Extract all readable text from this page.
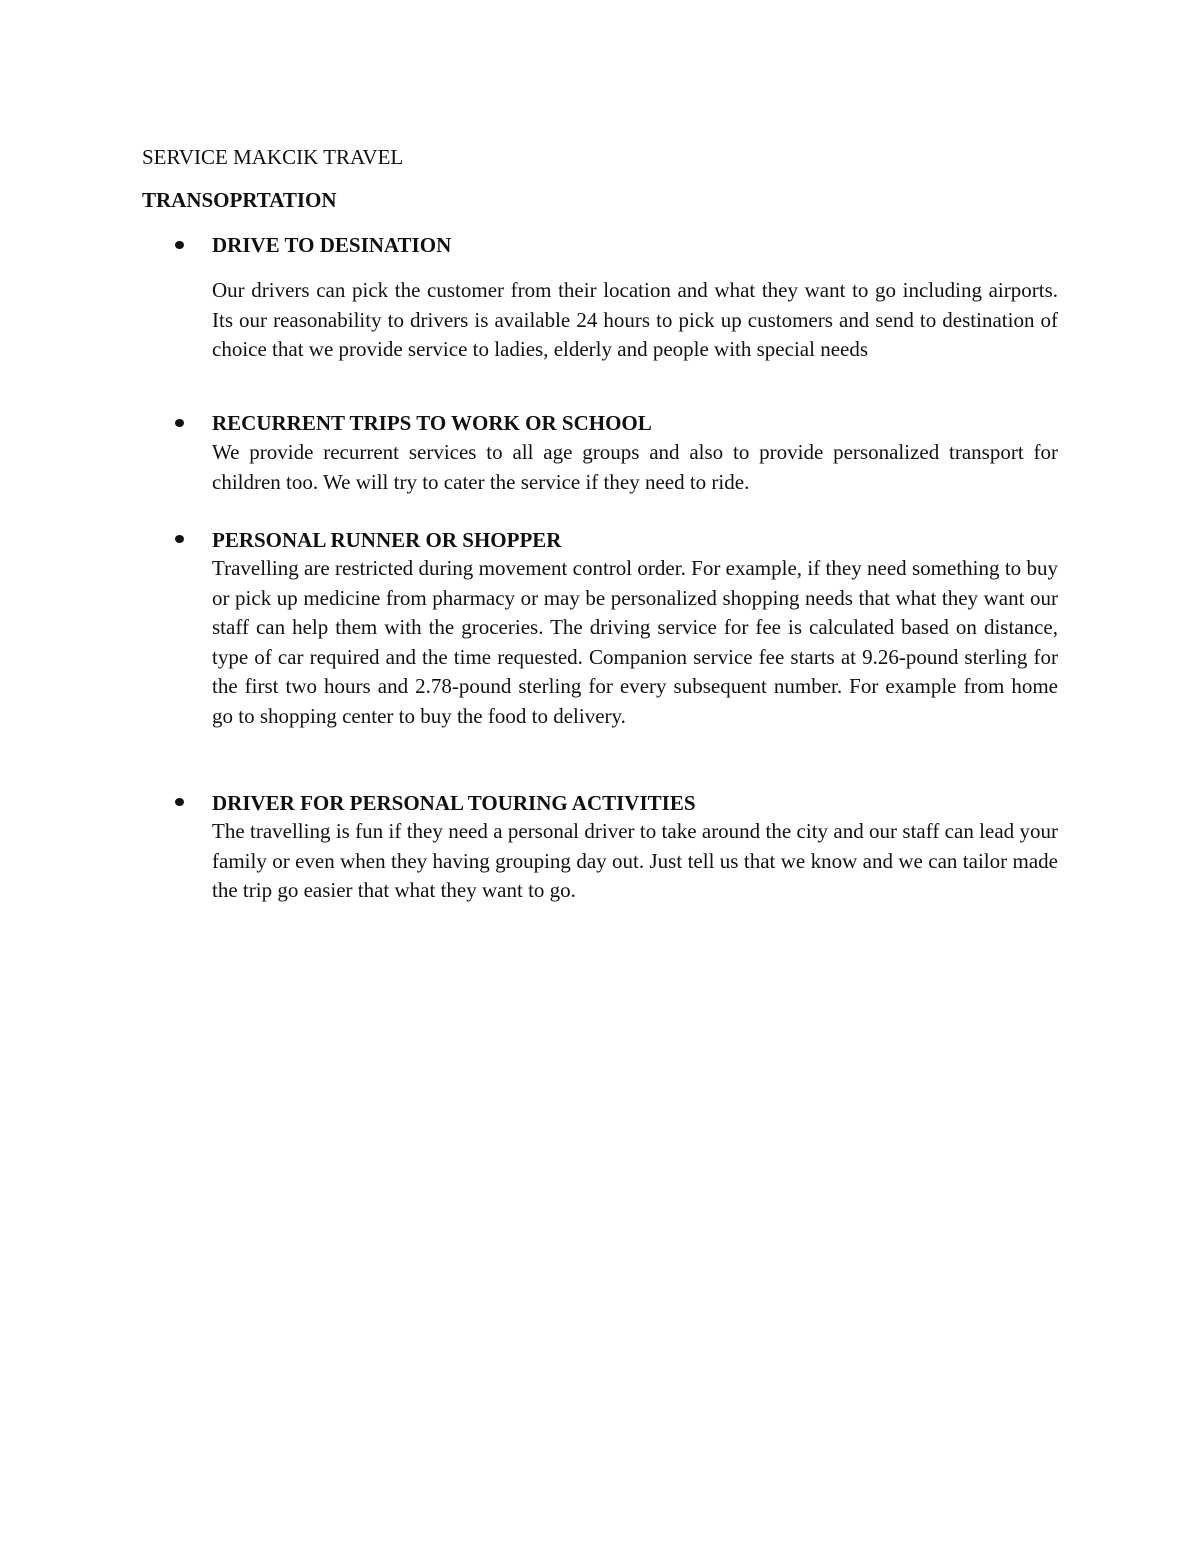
SERVICE MAKCIK TRAVEL
TRANSOPRTATION
DRIVE TO DESINATION

Our drivers can pick the customer from their location and what they want to go including airports. Its our reasonability to drivers is available 24 hours to pick up customers and send to destination of choice that we provide service to ladies, elderly and people with special needs

RECURRENT TRIPS TO WORK OR SCHOOL

We provide recurrent services to all age groups and also to provide personalized transport for children too. We will try to cater the service if they need to ride.

PERSONAL RUNNER OR SHOPPER

Travelling are restricted during movement control order. For example, if they need something to buy or pick up medicine from pharmacy or may be personalized shopping needs that what they want our staff can help them with the groceries. The driving service for fee is calculated based on distance, type of car required and the time requested. Companion service fee starts at 9.26-pound sterling for the first two hours and 2.78-pound sterling for every subsequent number. For example from home go to shopping center to buy the food to delivery.

DRIVER FOR PERSONAL TOURING ACTIVITIES

The travelling is fun if they need a personal driver to take around the city and our staff can lead your family or even when they having grouping day out. Just tell us that we know and we can tailor made the trip go easier that what they want to go.
